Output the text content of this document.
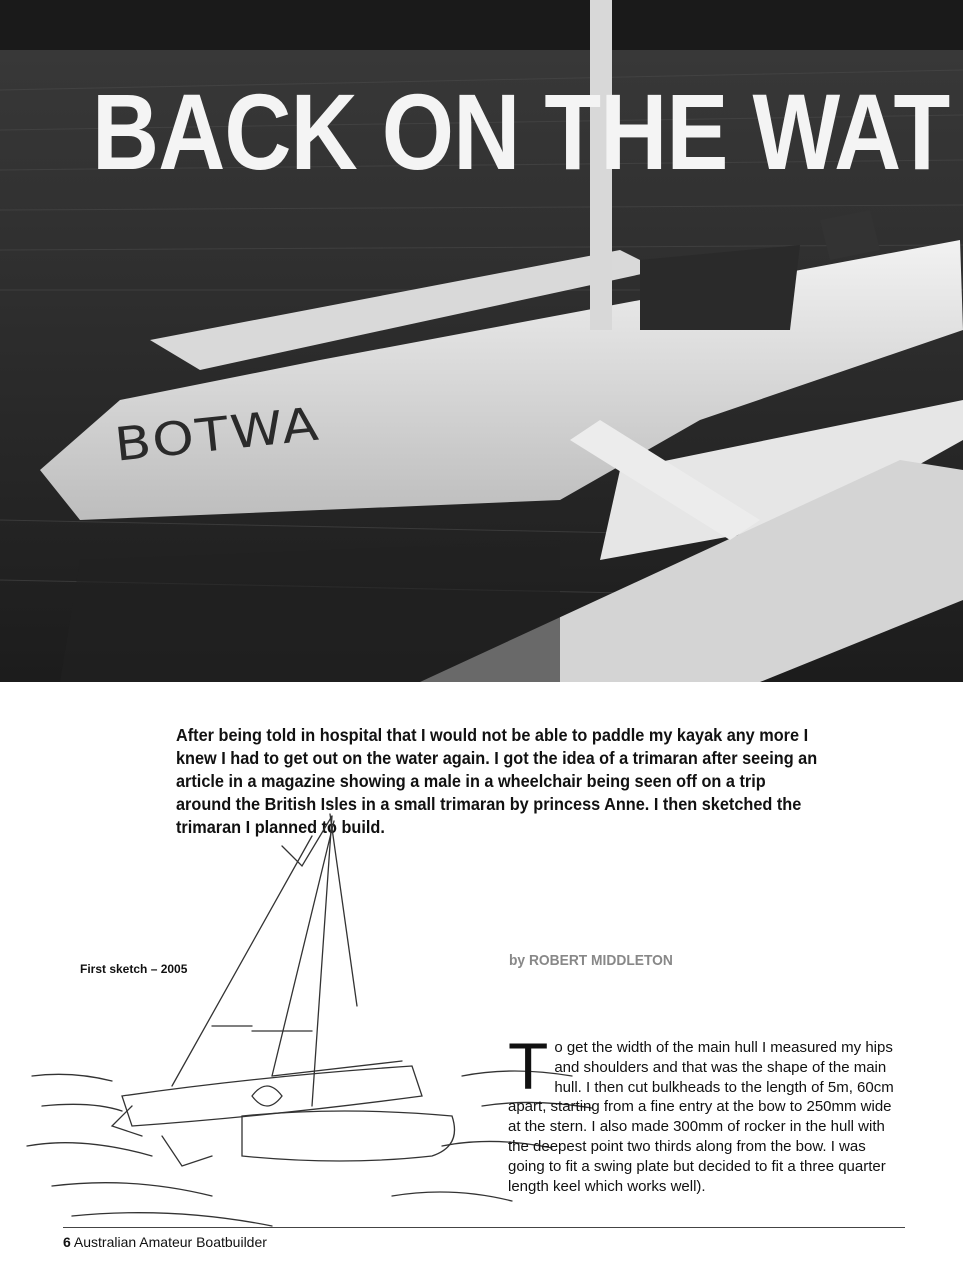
BACK ON THE WAT
BOTWA
After being told in hospital that I would not be able to paddle my kayak any more I knew I had to get out on the water again. I got the idea of a trimaran after seeing an article in a magazine showing a male in a wheelchair being seen off on a trip around the British Isles in a small trimaran by princess Anne. I then sketched the trimaran I planned to build.
First sketch – 2005	by ROBERT MIDDLETON
To get the width of the main hull I measured my hips and shoulders and that was the shape of the main hull. I then cut bulkheads to the length of 5m, 60cm apart, starting from a fine entry at the bow to 250mm wide at the stern. I also made 300mm of rocker in the hull with the deepest point two thirds along from the bow. I was going to fit a swing plate but decided to fit a three quarter length keel which works well).
6 Australian Amateur Boatbuilder
